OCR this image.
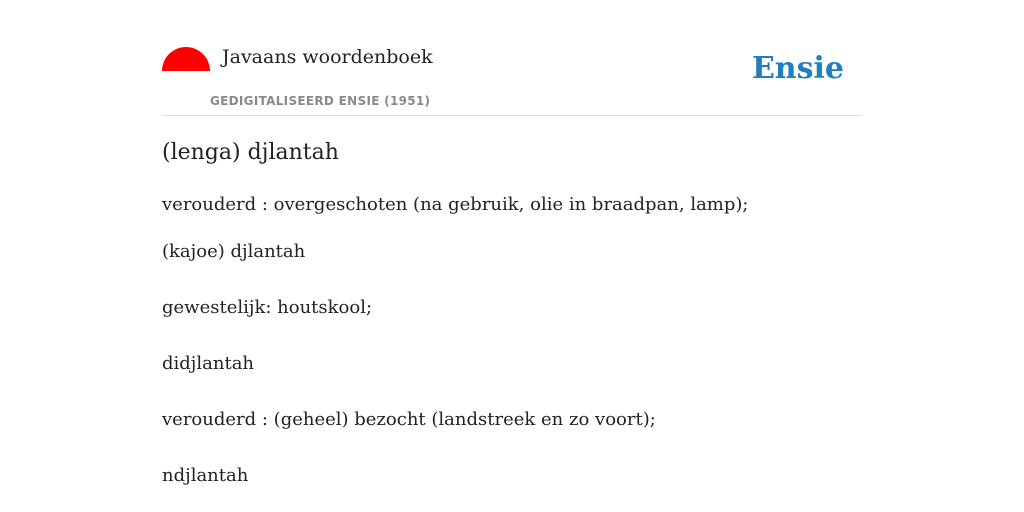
Javaans woordenboek
GEDIGITALISEERD ENSIE (1951)
Ensie
(lenga) djlantah
verouderd : overgeschoten (na gebruik, olie in braadpan, lamp);
(kajoe) djlantah
gewestelijk: houtskool;
didjlantah
verouderd : (geheel) bezocht (landstreek en zo voort);
ndjlantah
